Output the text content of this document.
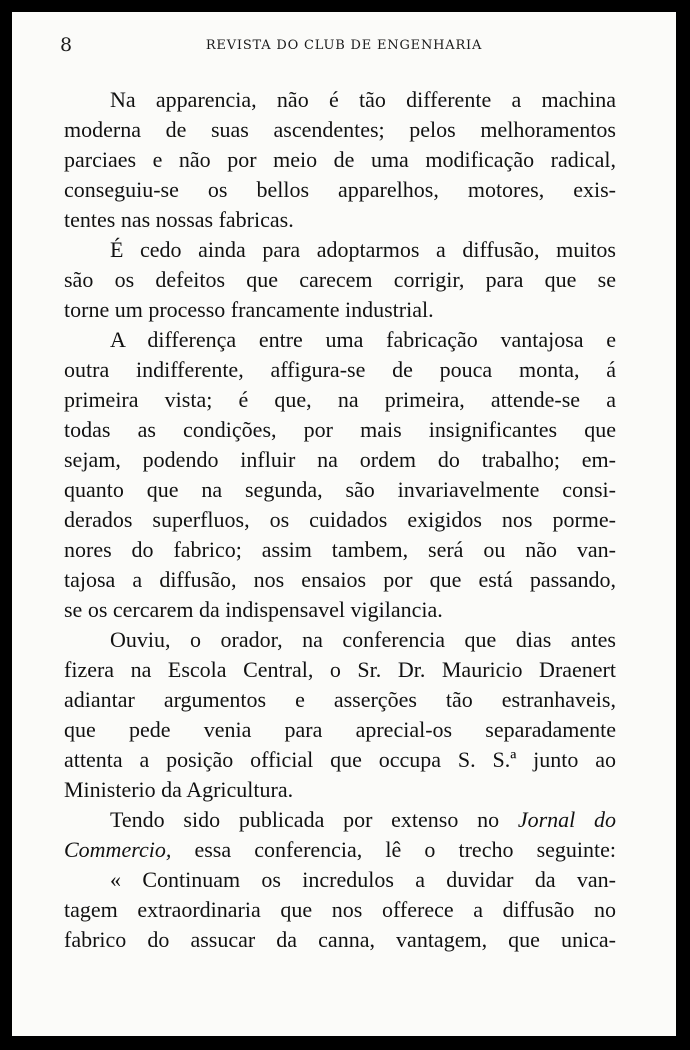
8	REVISTA DO CLUB DE ENGENHARIA
Na apparencia, não é tão differente a machina
moderna de suas ascendentes; pelos melhoramentos
parciaes e não por meio de uma modificação radical,
conseguiu-se os bellos apparelhos, motores, exis-
tentes nas nossas fabricas.
É cedo ainda para adoptarmos a diffusão, muitos
são os defeitos que carecem corrigir, para que se
torne um processo francamente industrial.
A differença entre uma fabricação vantajosa e
outra indifferente, affigura-se de pouca monta, á
primeira vista; é que, na primeira, attende-se a
todas as condições, por mais insignificantes que
sejam, podendo influir na ordem do trabalho; em-
quanto que na segunda, são invariavelmente consi-
derados superfluos, os cuidados exigidos nos porme-
nores do fabrico; assim tambem, será ou não van-
tajosa a diffusão, nos ensaios por que está passando,
se os cercarem da indispensavel vigilancia.
Ouviu, o orador, na conferencia que dias antes
fizera na Escola Central, o Sr. Dr. Mauricio Draenert
adiantar argumentos e asserções tão estranhaveis,
que pede venia para aprecial-os separadamente
attenta a posição official que occupa S. S.ª junto ao
Ministerio da Agricultura.
Tendo sido publicada por extenso no Jornal do
Commercio, essa conferencia, lê o trecho seguinte:
« Continuam os incredulos a duvidar da van-
tagem extraordinaria que nos offerece a diffusão no
fabrico do assucar da canna, vantagem, que unica-
